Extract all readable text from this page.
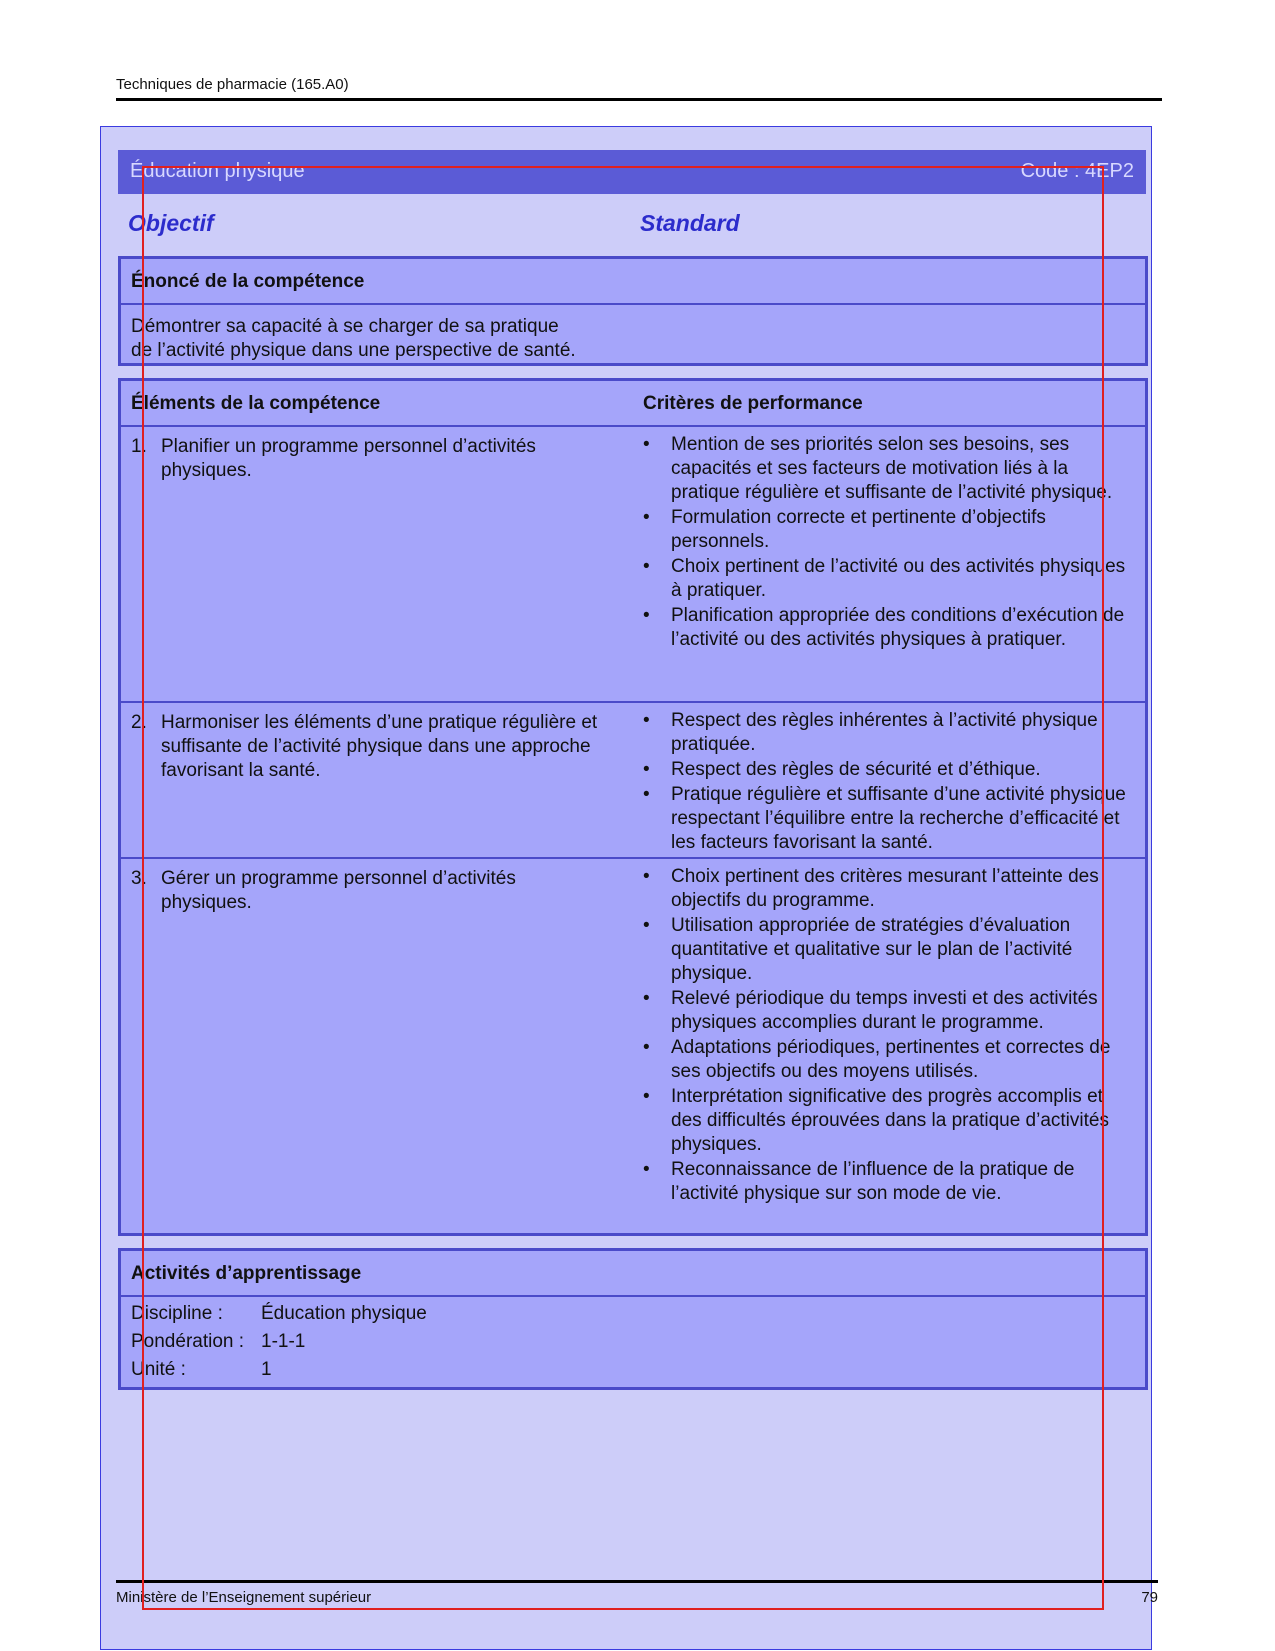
Techniques de pharmacie (165.A0)
Éducation physique	Code : 4EP2
Objectif	Standard
Énoncé de la compétence
Démontrer sa capacité à se charger de sa pratique
de l’activité physique dans une perspective de santé.
Éléments de la compétence	Critères de performance
1. Planifier un programme personnel d’activités physiques.
• Mention de ses priorités selon ses besoins, ses capacités et ses facteurs de motivation liés à la pratique régulière et suffisante de l’activité physique.
• Formulation correcte et pertinente d’objectifs personnels.
• Choix pertinent de l’activité ou des activités physiques à pratiquer.
• Planification appropriée des conditions d’exécution de l’activité ou des activités physiques à pratiquer.
2. Harmoniser les éléments d’une pratique régulière et suffisante de l’activité physique dans une approche favorisant la santé.
• Respect des règles inhérentes à l’activité physique pratiquée.
• Respect des règles de sécurité et d’éthique.
• Pratique régulière et suffisante d’une activité physique respectant l’équilibre entre la recherche d’efficacité et les facteurs favorisant la santé.
3. Gérer un programme personnel d’activités physiques.
• Choix pertinent des critères mesurant l’atteinte des objectifs du programme.
• Utilisation appropriée de stratégies d’évaluation quantitative et qualitative sur le plan de l’activité physique.
• Relevé périodique du temps investi et des activités physiques accomplies durant le programme.
• Adaptations périodiques, pertinentes et correctes de ses objectifs ou des moyens utilisés.
• Interprétation significative des progrès accomplis et des difficultés éprouvées dans la pratique d’activités physiques.
• Reconnaissance de l’influence de la pratique de l’activité physique sur son mode de vie.
Activités d’apprentissage
Discipline : Éducation physique
Pondération : 1-1-1
Unité :	1
Ministère de l’Enseignement supérieur	79
